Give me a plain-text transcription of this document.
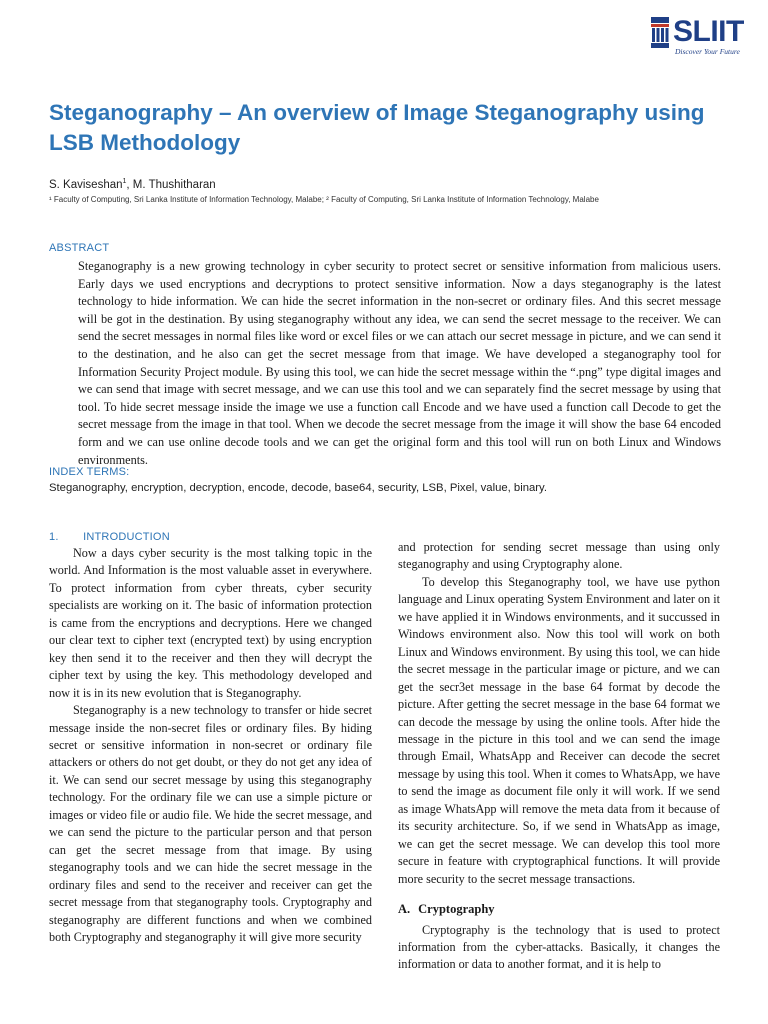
SLIIT
Discover Your Future
Steganography – An overview of Image Steganography using LSB Methodology
S. Kaviseshan$^1$, M. Thushitharan
¹ Faculty of Computing, Sri Lanka Institute of Information Technology, Malabe; ² Faculty of Computing, Sri Lanka Institute of Information Technology, Malabe
ABSTRACT

Steganography is a new growing technology in cyber security to protect secret or sensitive information from malicious users. Early days we used encryptions and decryptions to protect sensitive information. Now a days steganography is the latest technology to hide information. We can hide the secret information in the non-secret or ordinary files. And this secret message will be got in the destination. By using steganography without any idea, we can send the secret message to the receiver. We can send the secret messages in normal files like word or excel files or we can attach our secret message in picture, and we can send it to the destination, and he also can get the secret message from that image. We have developed a steganography tool for Information Security Project module. By using this tool, we can hide the secret message within the “.png” type digital images and we can send that image with secret message, and we can use this tool and we can separately find the secret message by using that tool. To hide secret message inside the image we use a function call Encode and we have used a function call Decode to get the secret message from the image in that tool. When we decode the secret message from the image it will show the base 64 encoded form and we can use online decode tools and we can get the original form and this tool will run on both Linux and Windows environments.

INDEX TERMS:

Steganography, encryption, decryption, encode, decode, base64, security, LSB, Pixel, value, binary.

1. INTRODUCTION

Now a days cyber security is the most talking topic in the world. And Information is the most valuable asset in everywhere. To protect information from cyber threats, cyber security specialists are working on it. The basic of information protection is came from the encryptions and decryptions. Here we changed our clear text to cipher text (encrypted text) by using encryption key then send it to the receiver and then they will decrypt the cipher text by using the key. This methodology developed and now it is in its new evolution that is Steganography.

Steganography is a new technology to transfer or hide secret message inside the non-secret files or ordinary files. By hiding secret or sensitive information in non-secret or ordinary file attackers or others do not get doubt, or they do not get any idea of it. We can send our secret message by using this steganography technology. For the ordinary file we can use a simple picture or images or video file or audio file. We hide the secret message, and we can send the picture to the particular person and that person can get the secret message from that image. By using steganography tools and we can hide the secret message in the ordinary files and send to the receiver and receiver can get the secret message from that steganography tools. Cryptography and steganography are different functions and when we combined both Cryptography and steganography it will give more security

and protection for sending secret message than using only steganography and using Cryptography alone.

To develop this Steganography tool, we have use python language and Linux operating System Environment and later on it we have applied it in Windows environments, and it succussed in Windows environment also. Now this tool will work on both Linux and Windows environment. By using this tool, we can hide the secret message in the particular image or picture, and we can get the secr3et message in the base 64 format by decode the picture. After getting the secret message in the base 64 format we can decode the message by using the online tools. After hide the message in the picture in this tool and we can send the image through Email, WhatsApp and Receiver can decode the secret message by using this tool. When it comes to WhatsApp, we have to send the image as document file only it will work. If we send as image WhatsApp will remove the meta data from it because of its security architecture. So, if we send in WhatsApp as image, we can get the secret message. We can develop this tool more secure in feature with cryptographical functions. It will provide more security to the secret message transactions.

A. Cryptography

Cryptography is the technology that is used to protect information from the cyber-attacks. Basically, it changes the information or data to another format, and it is help to
